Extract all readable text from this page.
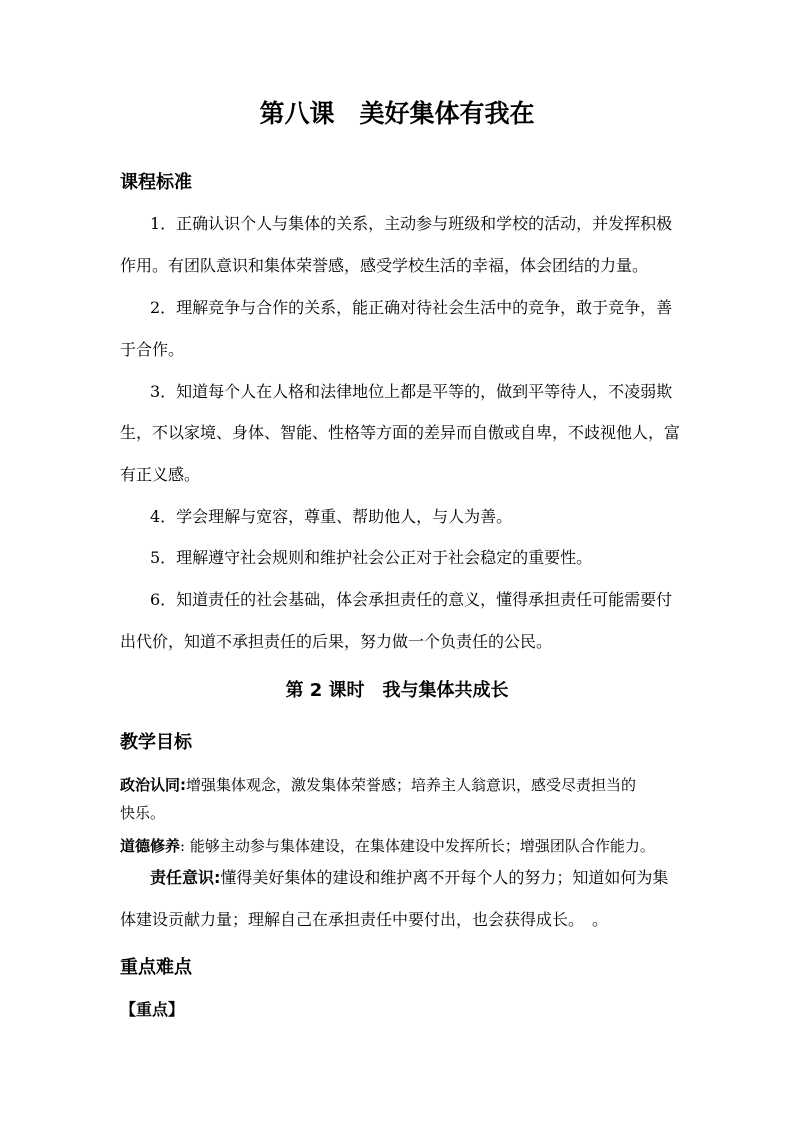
第八课　美好集体有我在
课程标准
1．正确认识个人与集体的关系，主动参与班级和学校的活动，并发挥积极
作用。有团队意识和集体荣誉感，感受学校生活的幸福，体会团结的力量。
2．理解竞争与合作的关系，能正确对待社会生活中的竞争，敢于竞争，善
于合作。
3．知道每个人在人格和法律地位上都是平等的，做到平等待人，不凌弱欺
生，不以家境、身体、智能、性格等方面的差异而自傲或自卑，不歧视他人，富
有正义感。
4．学会理解与宽容，尊重、帮助他人，与人为善。
5．理解遵守社会规则和维护社会公正对于社会稳定的重要性。
6．知道责任的社会基础，体会承担责任的意义，懂得承担责任可能需要付
出代价，知道不承担责任的后果，努力做一个负责任的公民。
第 2 课时　我与集体共成长
教学目标
政治认同:增强集体观念，激发集体荣誉感；培养主人翁意识，感受尽责担当的
快乐。
道德修养: 能够主动参与集体建设，在集体建设中发挥所长；增强团队合作能力。
责任意识:懂得美好集体的建设和维护离不开每个人的努力；知道如何为集
体建设贡献力量；理解自己在承担责任中要付出，也会获得成长。　。
重点难点
【重点】
